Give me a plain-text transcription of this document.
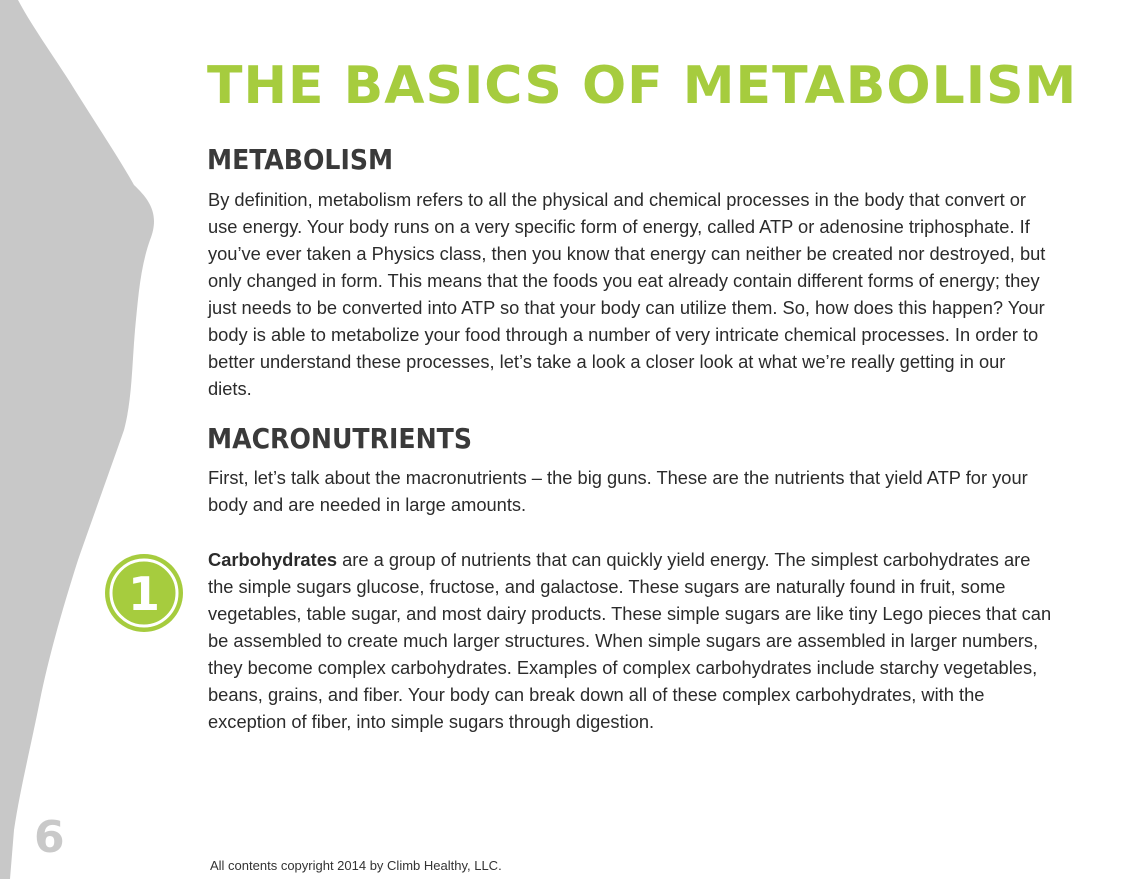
6
THE BASICS OF METABOLISM
METABOLISM

By definition, metabolism refers to all the physical and chemical processes in the body that convert or use energy. Your body runs on a very specific form of energy, called ATP or adenosine triphosphate. If you’ve ever taken a Physics class, then you know that energy can neither be created nor destroyed, but only changed in form. This means that the foods you eat already contain different forms of energy; they just needs to be converted into ATP so that your body can utilize them. So, how does this happen? Your body is able to metabolize your food through a number of very intricate chemical processes. In order to better understand these processes, let’s take a look a closer look at what we’re really getting in our diets.

MACRONUTRIENTS

First, let’s talk about the macronutrients – the big guns. These are the nutrients that yield ATP for your body and are needed in large amounts.

1

Carbohydrates are a group of nutrients that can quickly yield energy. The simplest carbohydrates are the simple sugars glucose, fructose, and galactose. These sugars are naturally found in fruit, some vegetables, table sugar, and most dairy products. These simple sugars are like tiny Lego pieces that can be assembled to create much larger structures. When simple sugars are assembled in larger numbers, they become complex carbohydrates. Examples of complex carbohydrates include starchy vegetables, beans, grains, and fiber. Your body can break down all of these complex carbohydrates, with the exception of fiber, into simple sugars through digestion.

All contents copyright 2014 by Climb Healthy, LLC.
